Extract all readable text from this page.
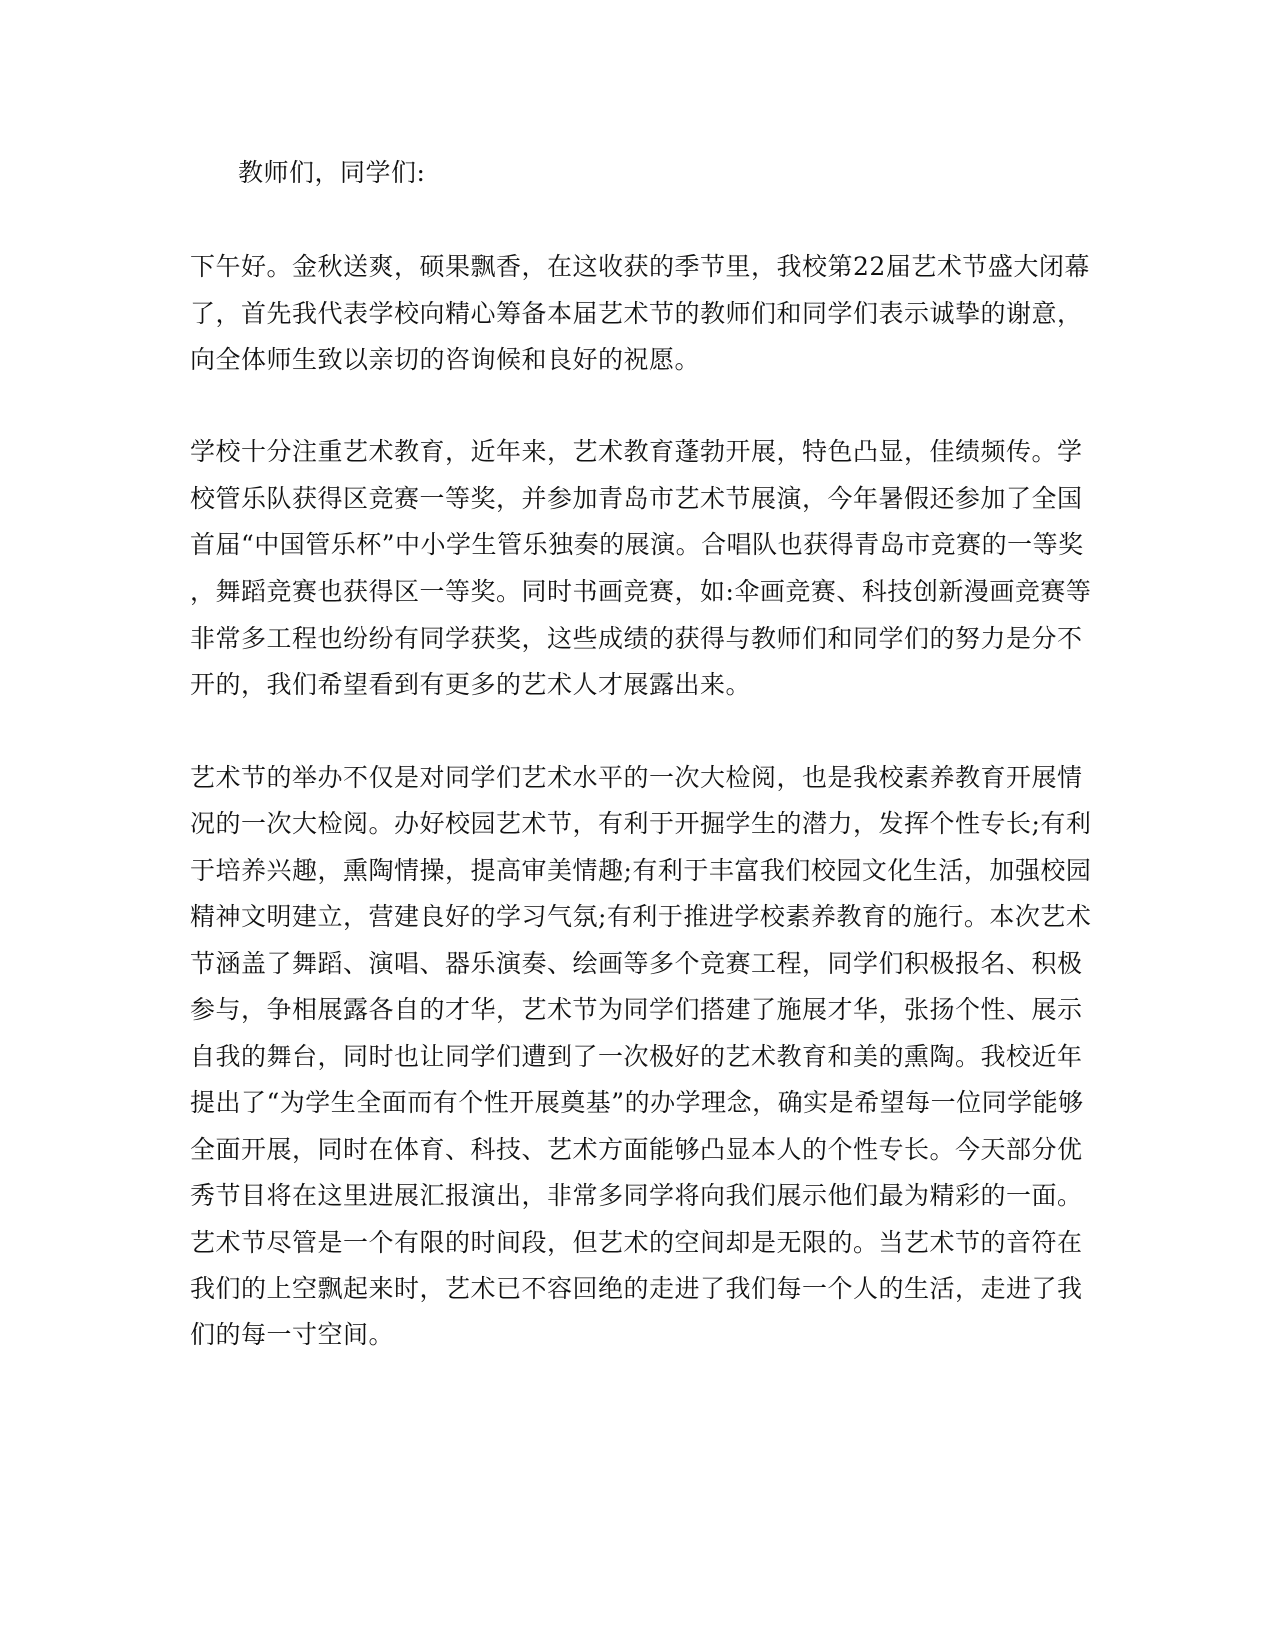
教师们，同学们:
下午好。金秋送爽，硕果飘香，在这收获的季节里，我校第22届艺术节盛大闭幕
了，首先我代表学校向精心筹备本届艺术节的教师们和同学们表示诚挚的谢意，
向全体师生致以亲切的咨询候和良好的祝愿。
学校十分注重艺术教育，近年来，艺术教育蓬勃开展，特色凸显，佳绩频传。学
校管乐队获得区竞赛一等奖，并参加青岛市艺术节展演，今年暑假还参加了全国
首届“中国管乐杯”中小学生管乐独奏的展演。合唱队也获得青岛市竞赛的一等奖
，舞蹈竞赛也获得区一等奖。同时书画竞赛，如:伞画竞赛、科技创新漫画竞赛等
非常多工程也纷纷有同学获奖，这些成绩的获得与教师们和同学们的努力是分不
开的，我们希望看到有更多的艺术人才展露出来。
艺术节的举办不仅是对同学们艺术水平的一次大检阅，也是我校素养教育开展情
况的一次大检阅。办好校园艺术节，有利于开掘学生的潜力，发挥个性专长;有利
于培养兴趣，熏陶情操，提高审美情趣;有利于丰富我们校园文化生活，加强校园
精神文明建立，营建良好的学习气氛;有利于推进学校素养教育的施行。本次艺术
节涵盖了舞蹈、演唱、器乐演奏、绘画等多个竞赛工程，同学们积极报名、积极
参与，争相展露各自的才华，艺术节为同学们搭建了施展才华，张扬个性、展示
自我的舞台，同时也让同学们遭到了一次极好的艺术教育和美的熏陶。我校近年
提出了“为学生全面而有个性开展奠基”的办学理念，确实是希望每一位同学能够
全面开展，同时在体育、科技、艺术方面能够凸显本人的个性专长。今天部分优
秀节目将在这里进展汇报演出，非常多同学将向我们展示他们最为精彩的一面。
艺术节尽管是一个有限的时间段，但艺术的空间却是无限的。当艺术节的音符在
我们的上空飘起来时，艺术已不容回绝的走进了我们每一个人的生活，走进了我
们的每一寸空间。
